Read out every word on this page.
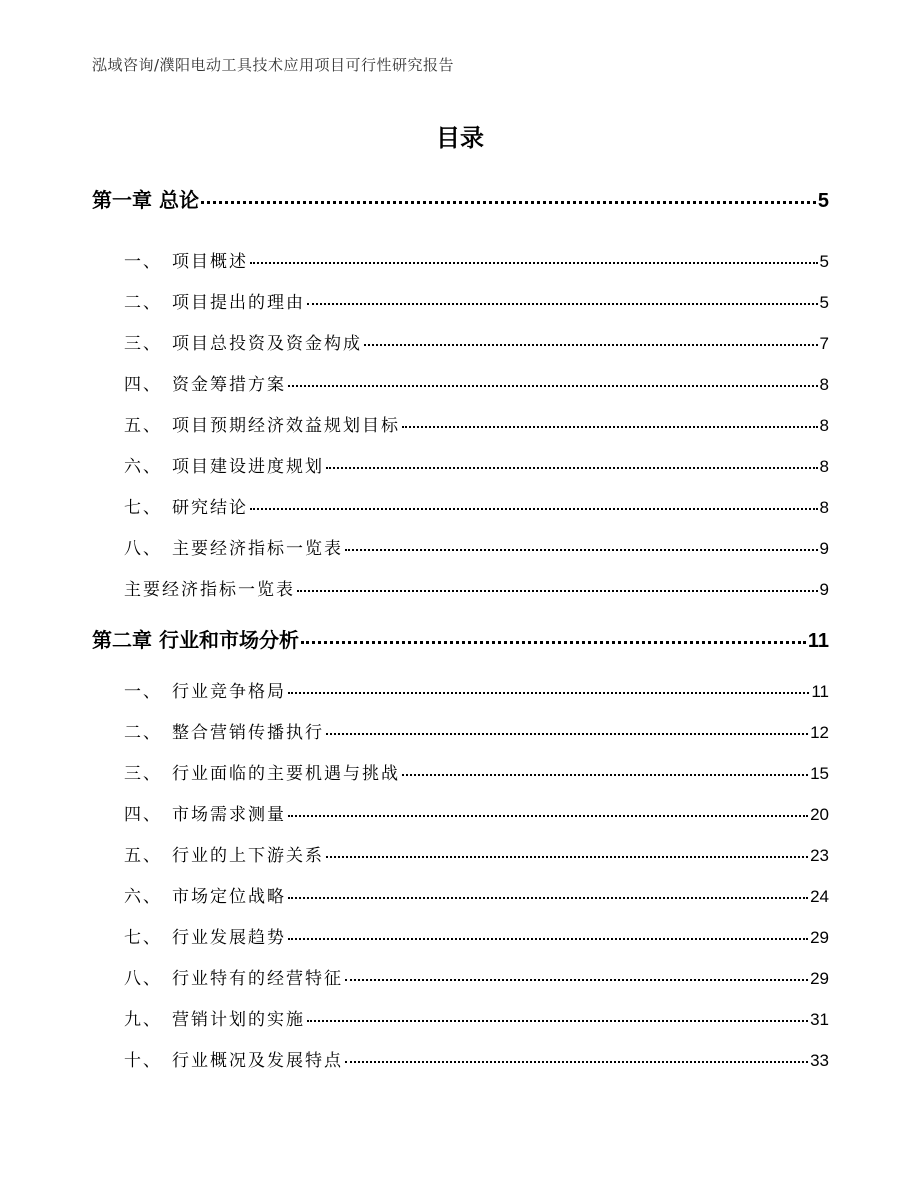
泓域咨询/濮阳电动工具技术应用项目可行性研究报告
目录
第一章 总论	5
一、 项目概述	5
二、 项目提出的理由	5
三、 项目总投资及资金构成	7
四、 资金筹措方案	8
五、 项目预期经济效益规划目标	8
六、 项目建设进度规划	8
七、 研究结论	8
八、 主要经济指标一览表	9
主要经济指标一览表	9
第二章 行业和市场分析	11
一、 行业竞争格局	11
二、 整合营销传播执行	12
三、 行业面临的主要机遇与挑战	15
四、 市场需求测量	20
五、 行业的上下游关系	23
六、 市场定位战略	24
七、 行业发展趋势	29
八、 行业特有的经营特征	29
九、 营销计划的实施	31
十、 行业概况及发展特点	33
